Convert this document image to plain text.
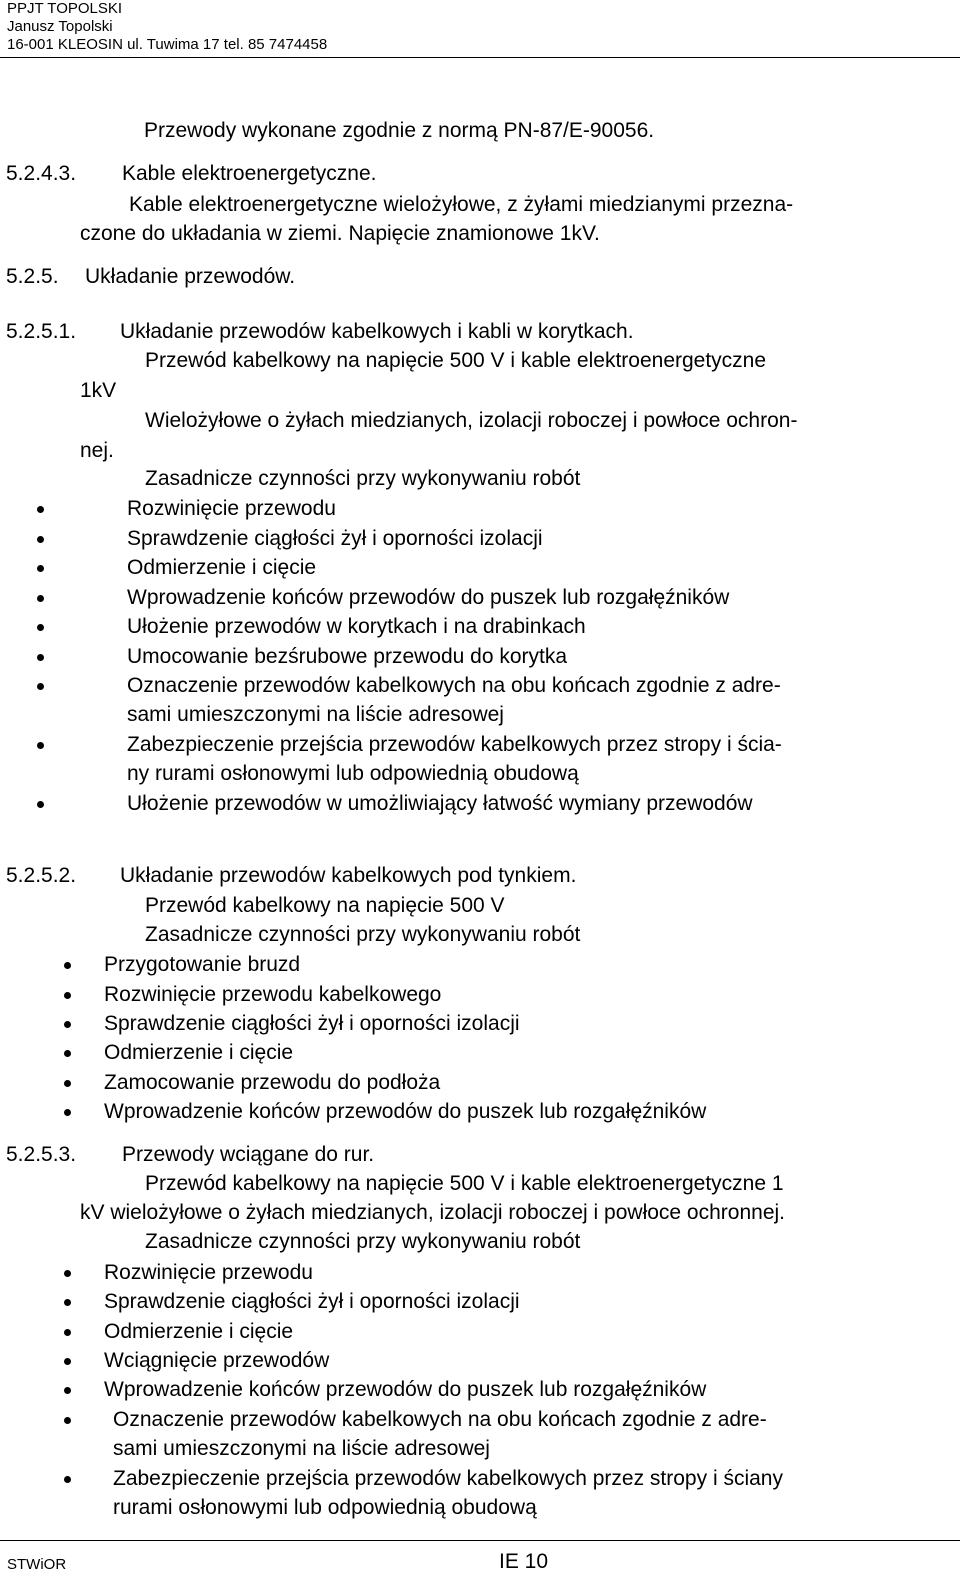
PPJT TOPOLSKI
Janusz Topolski
16-001 KLEOSIN ul. Tuwima 17 tel. 85 7474458
Przewody wykonane zgodnie z normą PN-87/E-90056.
5.2.4.3. Kable elektroenergetyczne.
Kable elektroenergetyczne wielożyłowe, z żyłami miedzianymi przezna-
czone do układania w ziemi. Napięcie znamionowe 1kV.
5.2.5. Układanie przewodów.
5.2.5.1. Układanie przewodów kabelkowych i kabli w korytkach.
Przewód kabelkowy na napięcie 500 V i kable elektroenergetyczne
1kV
Wielożyłowe o żyłach miedzianych, izolacji roboczej i powłoce ochron-
nej.
Zasadnicze czynności przy wykonywaniu robót
Rozwinięcie przewodu
Sprawdzenie ciągłości żył i oporności izolacji
Odmierzenie i cięcie
Wprowadzenie końców przewodów do puszek lub rozgałęźników
Ułożenie przewodów w korytkach i na drabinkach
Umocowanie bezśrubowe przewodu do korytka
Oznaczenie przewodów kabelkowych na obu końcach zgodnie z adre-
sami umieszczonymi na liście adresowej
Zabezpieczenie przejścia przewodów kabelkowych przez stropy i ścia-
ny rurami osłonowymi lub odpowiednią obudową
Ułożenie przewodów w umożliwiający łatwość wymiany przewodów
5.2.5.2. Układanie przewodów kabelkowych pod tynkiem.
Przewód kabelkowy na napięcie 500 V
Zasadnicze czynności przy wykonywaniu robót
Przygotowanie bruzd
Rozwinięcie przewodu kabelkowego
Sprawdzenie ciągłości żył i oporności izolacji
Odmierzenie i cięcie
Zamocowanie przewodu do podłoża
Wprowadzenie końców przewodów do puszek lub rozgałęźników
5.2.5.3. Przewody wciągane do rur.
Przewód kabelkowy na napięcie 500 V i kable elektroenergetyczne 1
kV wielożyłowe o żyłach miedzianych, izolacji roboczej i powłoce ochronnej.
Zasadnicze czynności przy wykonywaniu robót
Rozwinięcie przewodu
Sprawdzenie ciągłości żył i oporności izolacji
Odmierzenie i cięcie
Wciągnięcie przewodów
Wprowadzenie końców przewodów do puszek lub rozgałęźników
Oznaczenie przewodów kabelkowych na obu końcach zgodnie z adre-
sami umieszczonymi na liście adresowej
Zabezpieczenie przejścia przewodów kabelkowych przez stropy i ściany
rurami osłonowymi lub odpowiednią obudową
STWiOR	IE 10
